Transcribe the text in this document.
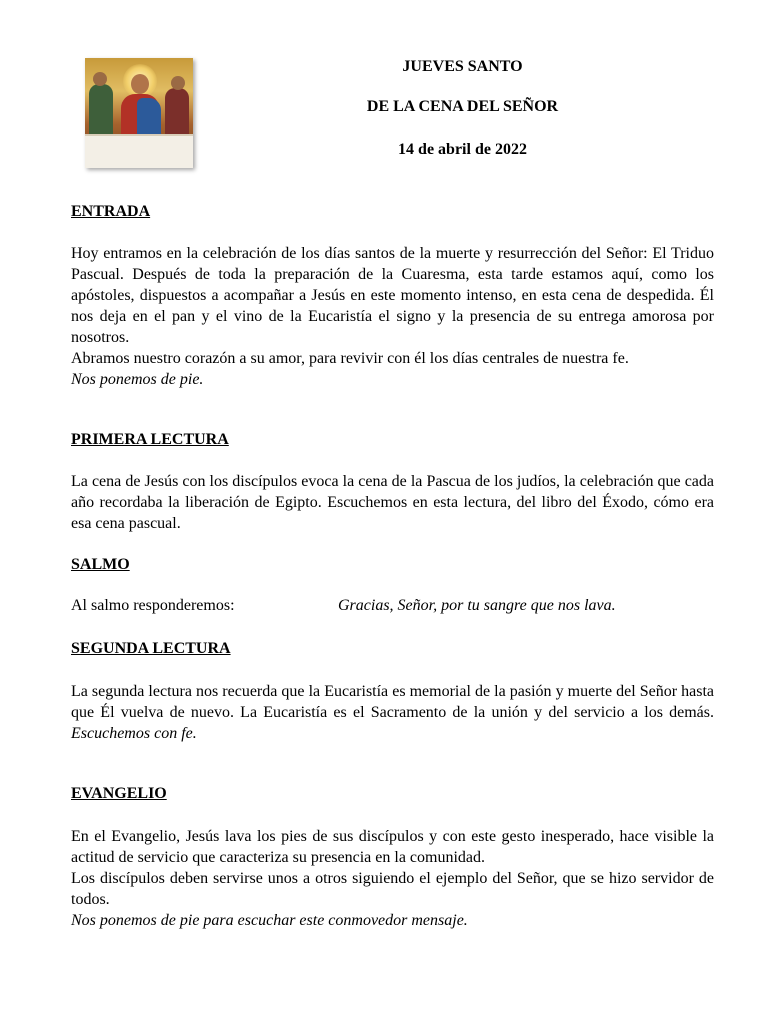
JUEVES SANTO
DE LA CENA DEL SEÑOR
14 de abril de 2022
ENTRADA

Hoy entramos en la celebración de los días santos de la muerte y resurrección del Señor: El Triduo Pascual. Después de toda la preparación de la Cuaresma, esta tarde estamos aquí, como los apóstoles, dispuestos a acompañar a Jesús en este momento intenso, en esta cena de despedida. Él nos deja en el pan y el vino de la Eucaristía el signo y la presencia de su entrega amorosa por nosotros.

Abramos nuestro corazón a su amor, para revivir con él los días centrales de nuestra fe.

Nos ponemos de pie.

PRIMERA LECTURA

La cena de Jesús con los discípulos evoca la cena de la Pascua de los judíos, la celebración que cada año recordaba la liberación de Egipto. Escuchemos en esta lectura, del libro del Éxodo, cómo era esa cena pascual.

SALMO
Al salmo responderemos:	Gracias, Señor, por tu sangre que nos lava.
SEGUNDA LECTURA

La segunda lectura nos recuerda que la Eucaristía es memorial de la pasión y muerte del Señor hasta que Él vuelva de nuevo. La Eucaristía es el Sacramento de la unión y del servicio a los demás. Escuchemos con fe.

EVANGELIO

En el Evangelio, Jesús lava los pies de sus discípulos y con este gesto inesperado, hace visible la actitud de servicio que caracteriza su presencia en la comunidad.

Los discípulos deben servirse unos a otros siguiendo el ejemplo del Señor, que se hizo servidor de todos.

Nos ponemos de pie para escuchar este conmovedor mensaje.
